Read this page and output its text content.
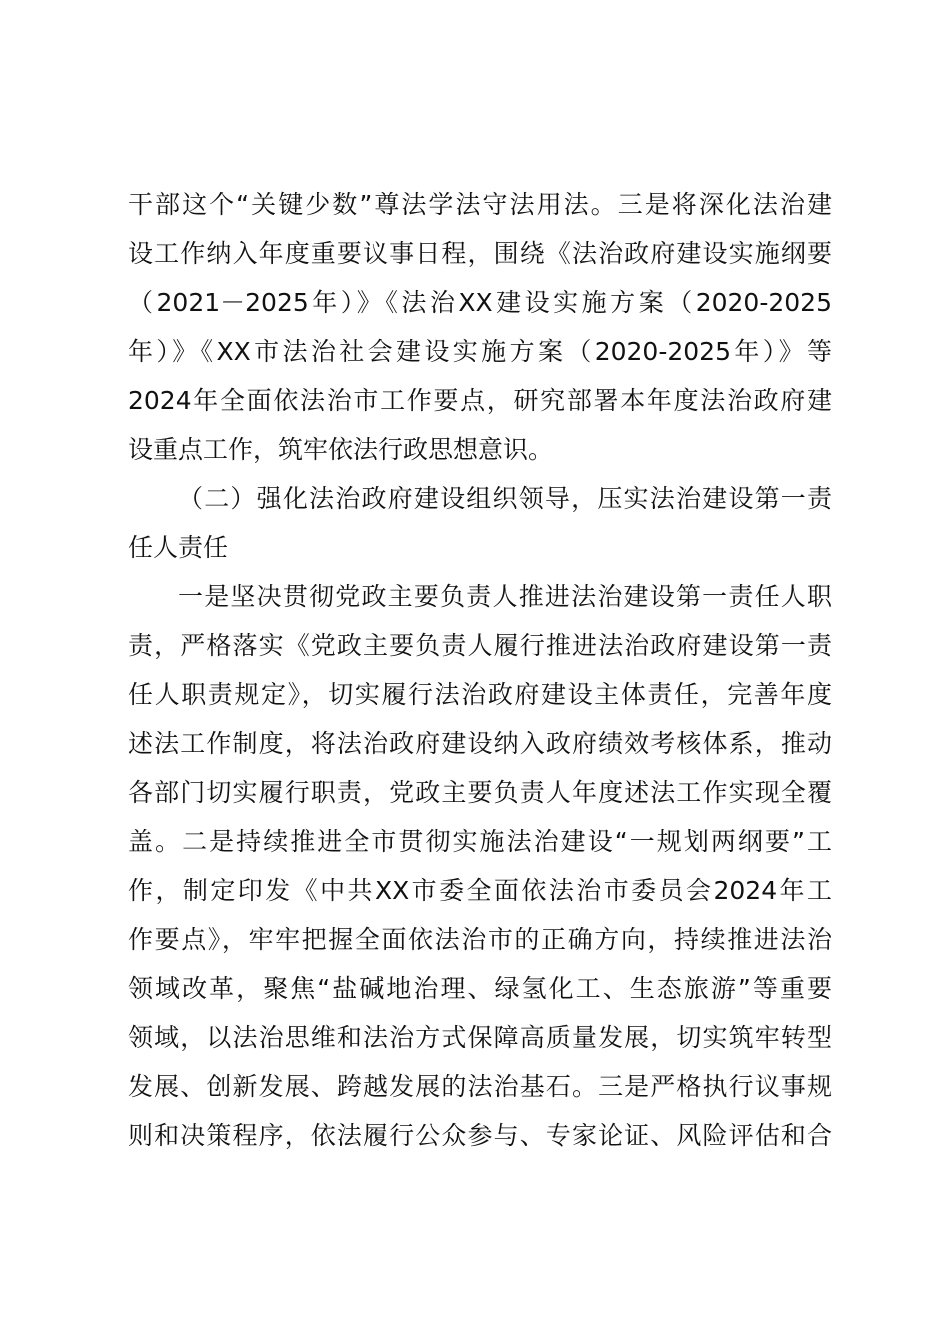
干部这个“关键少数”尊法学法守法用法。三是将深化法治建
设工作纳入年度重要议事日程，围绕《法治政府建设实施纲要
（2021－2025年）》《法治XX建设实施方案（2020-2025
年）》《XX市法治社会建设实施方案（2020-2025年）》等
2024年全面依法治市工作要点，研究部署本年度法治政府建
设重点工作，筑牢依法行政思想意识。
（二）强化法治政府建设组织领导，压实法治建设第一责
任人责任
一是坚决贯彻党政主要负责人推进法治建设第一责任人职
责，严格落实《党政主要负责人履行推进法治政府建设第一责
任人职责规定》，切实履行法治政府建设主体责任，完善年度
述法工作制度，将法治政府建设纳入政府绩效考核体系，推动
各部门切实履行职责，党政主要负责人年度述法工作实现全覆
盖。二是持续推进全市贯彻实施法治建设“一规划两纲要”工
作，制定印发《中共XX市委全面依法治市委员会2024年工
作要点》，牢牢把握全面依法治市的正确方向，持续推进法治
领域改革，聚焦“盐碱地治理、绿氢化工、生态旅游”等重要
领域，以法治思维和法治方式保障高质量发展，切实筑牢转型
发展、创新发展、跨越发展的法治基石。三是严格执行议事规
则和决策程序，依法履行公众参与、专家论证、风险评估和合
